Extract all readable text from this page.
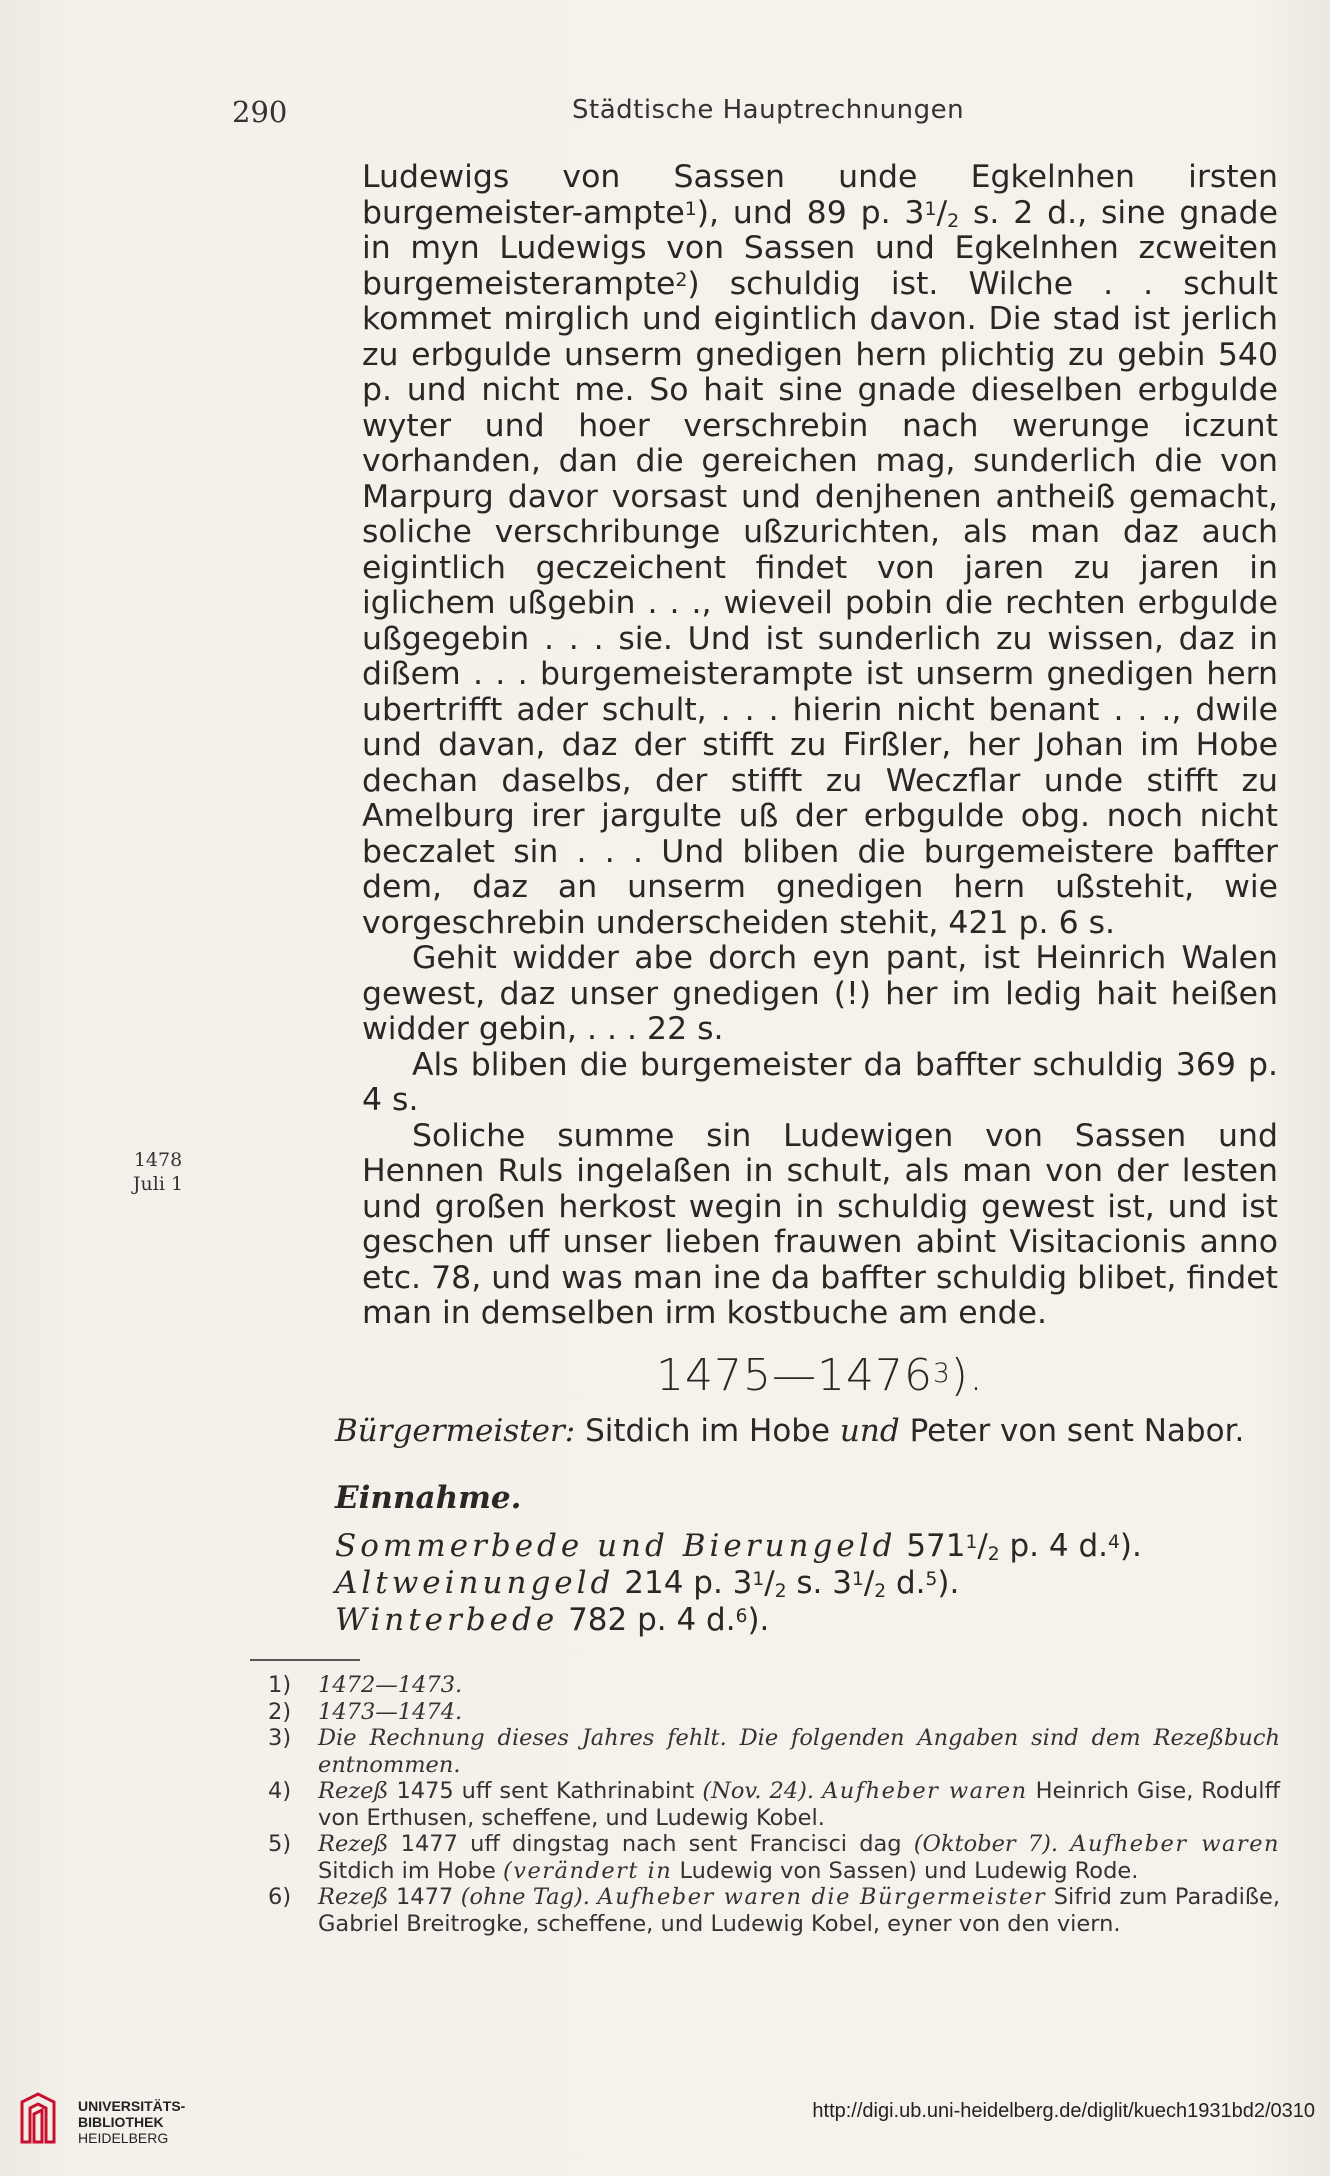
290	Städtische Hauptrechnungen

Ludewigs von Sassen unde Egkelnhen irsten burgemeister-ampte$^1$), und 89 p. $3^1/_2$ s. 2 d., sine gnade in myn Ludewigs von Sassen und Egkelnhen zcweiten burgemeisterampte$^2$) schuldig ist. Wilche . . schult kommet mirglich und eigintlich davon. Die stad ist jerlich zu erbgulde unserm gnedigen hern plichtig zu gebin 540 p. und nicht me. So hait sine gnade dieselben erbgulde wyter und hoer verschrebin nach werunge iczunt vorhanden, dan die gereichen mag, sunderlich die von Marpurg davor vorsast und denjhenen antheiß gemacht, soliche verschribunge ußzurichten, als man daz auch eigintlich geczeichent findet von jaren zu jaren in iglichem ußgebin . . ., wieveil pobin die rechten erbgulde ußgegebin . . . sie. Und ist sunderlich zu wissen, daz in dißem . . . burgemeisterampte ist unserm gnedigen hern ubertrifft ader schult, . . . hierin nicht benant . . ., dwile und davan, daz der stifft zu Firßler, her Johan im Hobe dechan daselbs, der stifft zu Weczflar unde stifft zu Amelburg irer jargulte uß der erbgulde obg. noch nicht beczalet sin . . . Und bliben die burgemeistere baffter dem, daz an unserm gnedigen hern ußstehit, wie vorgeschrebin underscheiden stehit, 421 p. 6 s.

Gehit widder abe dorch eyn pant, ist Heinrich Walen gewest, daz unser gnedigen (!) her im ledig hait heißen widder gebin, . . . 22 s.

Als bliben die burgemeister da baffter schuldig 369 p. 4 s.

Soliche summe sin Ludewigen von Sassen und Hennen Ruls ingelaßen in schult, als man von der lesten und großen herkost wegin in schuldig gewest ist, und ist geschen uff unser lieben frauwen abint Visitacionis anno etc. 78, und was man ine da baffter schuldig blibet, findet man in demselben irm kostbuche am ende.

1478
Juli 1
1475—1476$^3$).
Bürgermeister: Sitdich im Hobe und Peter von sent Nabor.
Einnahme.
Sommerbede und Bierungeld $571^1/_2$ p. 4 d.$^4$).
Altweinungeld 214 p. $3^1/_2$ s. $3^1/_2$ d.$^5$).
Winterbede 782 p. 4 d.$^6$).

1) 1472—1473.

2) 1473—1474.

3) Die Rechnung dieses Jahres fehlt. Die folgenden Angaben sind dem Rezeßbuch entnommen.

4) Rezeß 1475 uff sent Kathrinabint (Nov. 24). Aufheber waren Heinrich Gise, Rodulff von Erthusen, scheffene, und Ludewig Kobel.

5) Rezeß 1477 uff dingstag nach sent Francisci dag (Oktober 7). Aufheber waren Sitdich im Hobe (verändert in Ludewig von Sassen) und Ludewig Rode.

6) Rezeß 1477 (ohne Tag). Aufheber waren die Bürgermeister Sifrid zum Paradiße, Gabriel Breitrogke, scheffene, und Ludewig Kobel, eyner von den viern.

UNIVERSITÄTS-
BIBLIOTHEK
HEIDELBERG
http://digi.ub.uni-heidelberg.de/diglit/kuech1931bd2/0310
